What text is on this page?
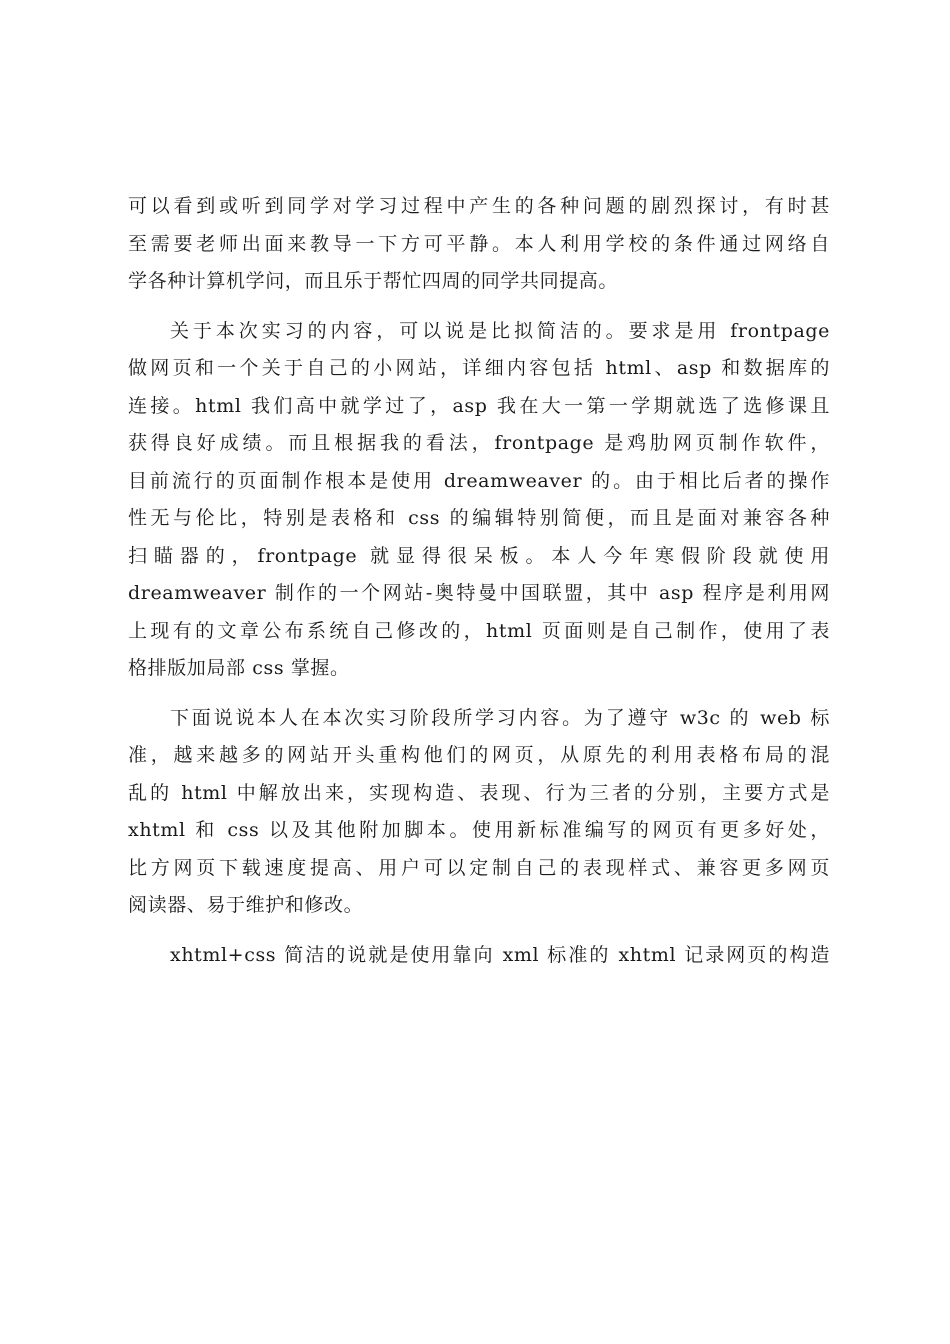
可以看到或听到同学对学习过程中产生的各种问题的剧烈探讨，有时甚
至需要老师出面来教导一下方可平静。本人利用学校的条件通过网络自
学各种计算机学问，而且乐于帮忙四周的同学共同提高。
关于本次实习的内容，可以说是比拟简洁的。要求是用 frontpage
做网页和一个关于自己的小网站，详细内容包括 html、asp 和数据库的
连接。html 我们高中就学过了，asp 我在大一第一学期就选了选修课且
获得良好成绩。而且根据我的看法，frontpage 是鸡肋网页制作软件，
目前流行的页面制作根本是使用 dreamweaver 的。由于相比后者的操作
性无与伦比，特别是表格和 css 的编辑特别简便，而且是面对兼容各种
扫瞄器的，frontpage 就显得很呆板。本人今年寒假阶段就使用
dreamweaver 制作的一个网站-奥特曼中国联盟，其中 asp 程序是利用网
上现有的文章公布系统自己修改的，html 页面则是自己制作，使用了表
格排版加局部 css 掌握。
下面说说本人在本次实习阶段所学习内容。为了遵守 w3c 的 web 标
准，越来越多的网站开头重构他们的网页，从原先的利用表格布局的混
乱的 html 中解放出来，实现构造、表现、行为三者的分别，主要方式是
xhtml 和 css 以及其他附加脚本。使用新标准编写的网页有更多好处，
比方网页下载速度提高、用户可以定制自己的表现样式、兼容更多网页
阅读器、易于维护和修改。
xhtml+css 简洁的说就是使用靠向 xml 标准的 xhtml 记录网页的构造
